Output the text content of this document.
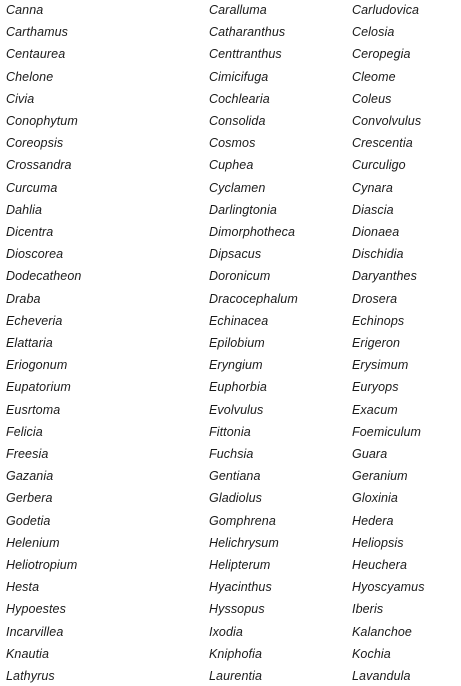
Canna
Carthamus
Centaurea
Chelone
Civia
Conophytum
Coreopsis
Crossandra
Curcuma
Dahlia
Dicentra
Dioscorea
Dodecatheon
Draba
Echeveria
Elattaria
Eriogonum
Eupatorium
Eusrtoma
Felicia
Freesia
Gazania
Gerbera
Godetia
Helenium
Heliotropium
Hesta
Hypoestes
Incarvillea
Knautia
Lathyrus
Caralluma
Catharanthus
Centtranthus
Cimicifuga
Cochlearia
Consolida
Cosmos
Cuphea
Cyclamen
Darlingtonia
Dimorphotheca
Dipsacus
Doronicum
Dracocephalum
Echinacea
Epilobium
Eryngium
Euphorbia
Evolvulus
Fittonia
Fuchsia
Gentiana
Gladiolus
Gomphrena
Helichrysum
Helipterum
Hyacinthus
Hyssopus
Ixodia
Kniphofia
Laurentia
Carludovica
Celosia
Ceropegia
Cleome
Coleus
Convolvulus
Crescentia
Curculigo
Cynara
Diascia
Dionaea
Dischidia
Daryanthes
Drosera
Echinops
Erigeron
Erysimum
Euryops
Exacum
Foemiculum
Guara
Geranium
Gloxinia
Hedera
Heliopsis
Heuchera
Hyoscyamus
Iberis
Kalanchoe
Kochia
Lavandula
